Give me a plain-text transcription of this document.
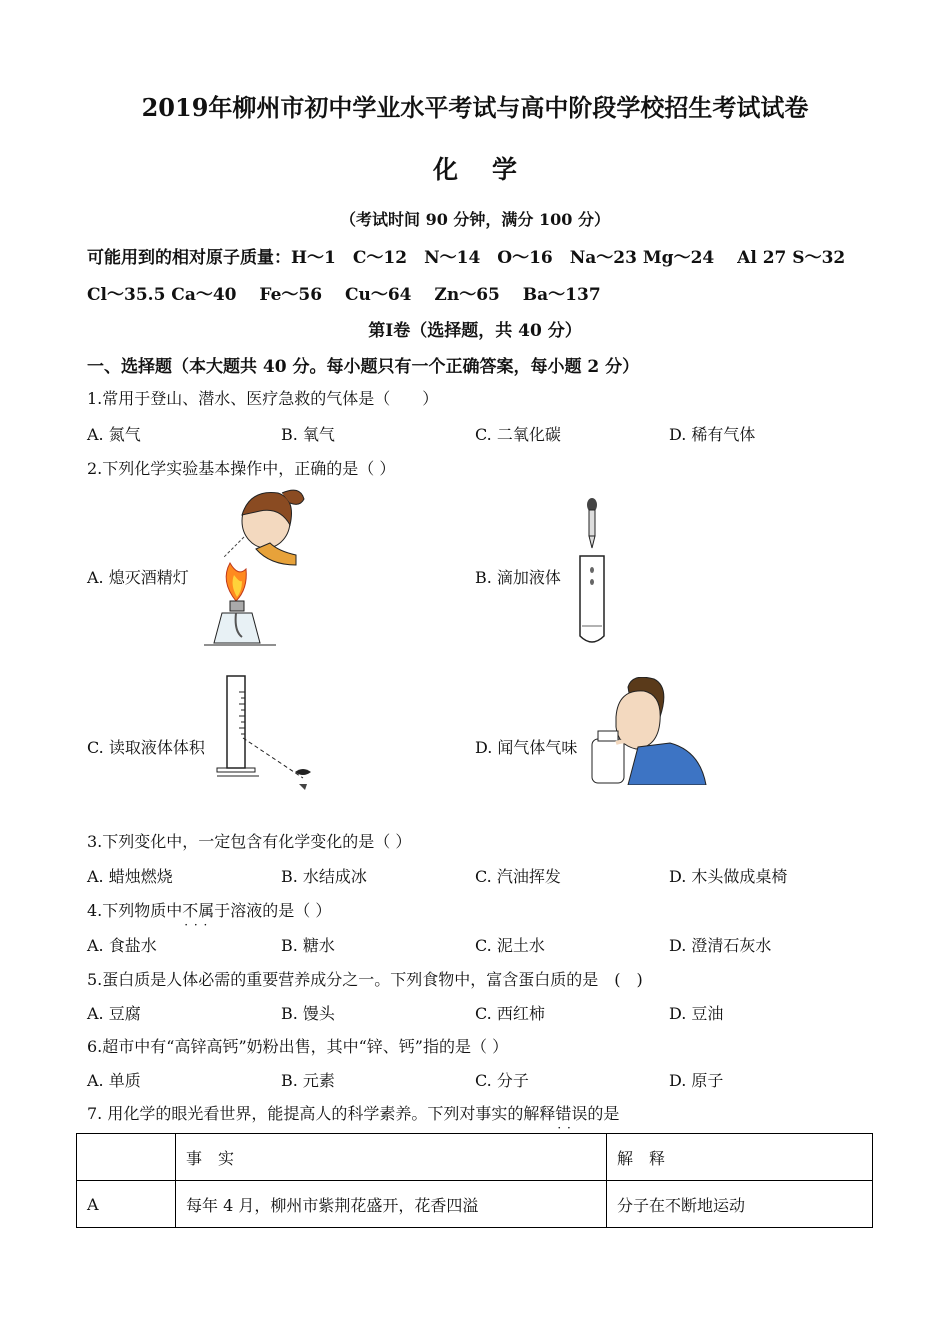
2019年柳州市初中学业水平考试与高中阶段学校招生考试试卷
化学
（考试时间 90 分钟，满分 100 分）
可能用到的相对原子质量：H～1　C～12　N～14　O～16　Na～23 Mg～24　 Al 27 S～32
Cl～35.5 Ca～40　 Fe～56　 Cu～64　 Zn～65　 Ba～137
第Ⅰ卷（选择题，共 40 分）
一、选择题（本大题共 40 分。每小题只有一个正确答案，每小题 2 分）
1.常用于登山、潜水、医疗急救的气体是（　　）
A. 氮气	B. 氧气	C. 二氧化碳	D. 稀有气体
2.下列化学实验基本操作中，正确的是（ ）
A. 熄灭酒精灯	B. 滴加液体
C. 读取液体体积	D. 闻气体气味
3.下列变化中，一定包含有化学变化的是（ ）
A. 蜡烛燃烧	B. 水结成冰	C. 汽油挥发	D. 木头做成桌椅
4.下列物质中不属于 · · ·溶液的是（ ）
A. 食盐水	B. 糖水	C. 泥土水	D. 澄清石灰水
5.蛋白质是人体必需的重要营养成分之一。下列食物中，富含蛋白质的是　(　)
A. 豆腐	B. 馒头	C. 西红柿	D. 豆油
6.超市中有“高锌高钙”奶粉出售，其中“锌、钙”指的是（ ）
A. 单质	B. 元素	C. 分子	D. 原子
7. 用化学的眼光看世界，能提高人的科学素养。下列对事实的解释错误 · ·的是
	事　实	解　释
A	每年 4 月，柳州市紫荆花盛开，花香四溢	分子在不断地运动
